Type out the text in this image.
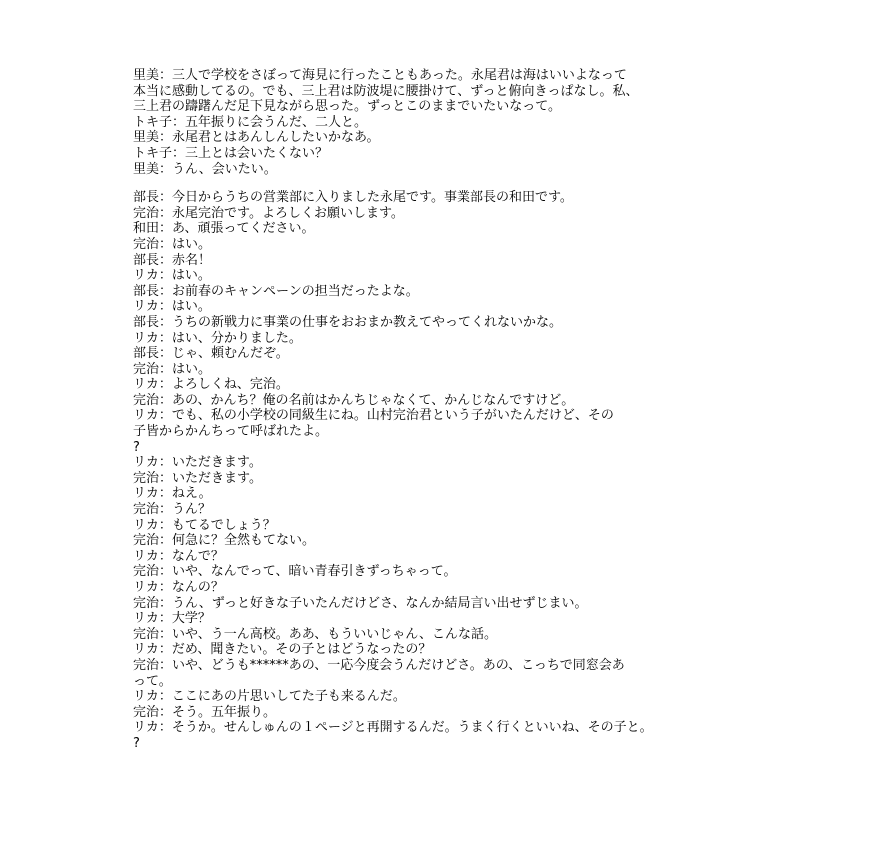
里美：三人で学校をさぼって海見に行ったこともあった。永尾君は海はいいよなって
本当に感動してるの。でも、三上君は防波堤に腰掛けて、ずっと俯向きっぱなし。私、
三上君の躊躇んだ足下見ながら思った。ずっとこのままでいたいなって。
トキ子：五年振りに会うんだ、二人と。
里美：永尾君とはあんしんしたいかなあ。
トキ子：三上とは会いたくない？
里美：うん、会いたい。
部長：今日からうちの営業部に入りました永尾です。事業部長の和田です。
完治：永尾完治です。よろしくお願いします。
和田：あ、頑張ってください。
完治：はい。
部長：赤名！
リカ：はい。
部長：お前春のキャンペーンの担当だったよな。
リカ：はい。
部長：うちの新戦力に事業の仕事をおおまか教えてやってくれないかな。
リカ：はい、分かりました。
部長：じゃ、頼むんだぞ。
完治：はい。
リカ：よろしくね、完治。
完治：あの、かんち？俺の名前はかんちじゃなくて、かんじなんですけど。
リカ：でも、私の小学校の同級生にね。山村完治君という子がいたんだけど、その
子皆からかんちって呼ばれたよ。
?
リカ：いただきます。
完治：いただきます。
リカ：ねえ。
完治：うん？
リカ：もてるでしょう？
完治：何急に？全然もてない。
リカ：なんで？
完治：いや、なんでって、暗い青春引きずっちゃって。
リカ：なんの？
完治：うん、ずっと好きな子いたんだけどさ、なんか結局言い出せずじまい。
リカ：大学？
完治：いや、う一ん高校。ああ、もういいじゃん、こんな話。
リカ：だめ、聞きたい。その子とはどうなったの？
完治：いや、どうも******あの、一応今度会うんだけどさ。あの、こっちで同窓会あ
って。
リカ：ここにあの片思いしてた子も来るんだ。
完治：そう。五年振り。
リカ：そうか。せんしゅんの１ページと再開するんだ。うまく行くといいね、その子と。
?
